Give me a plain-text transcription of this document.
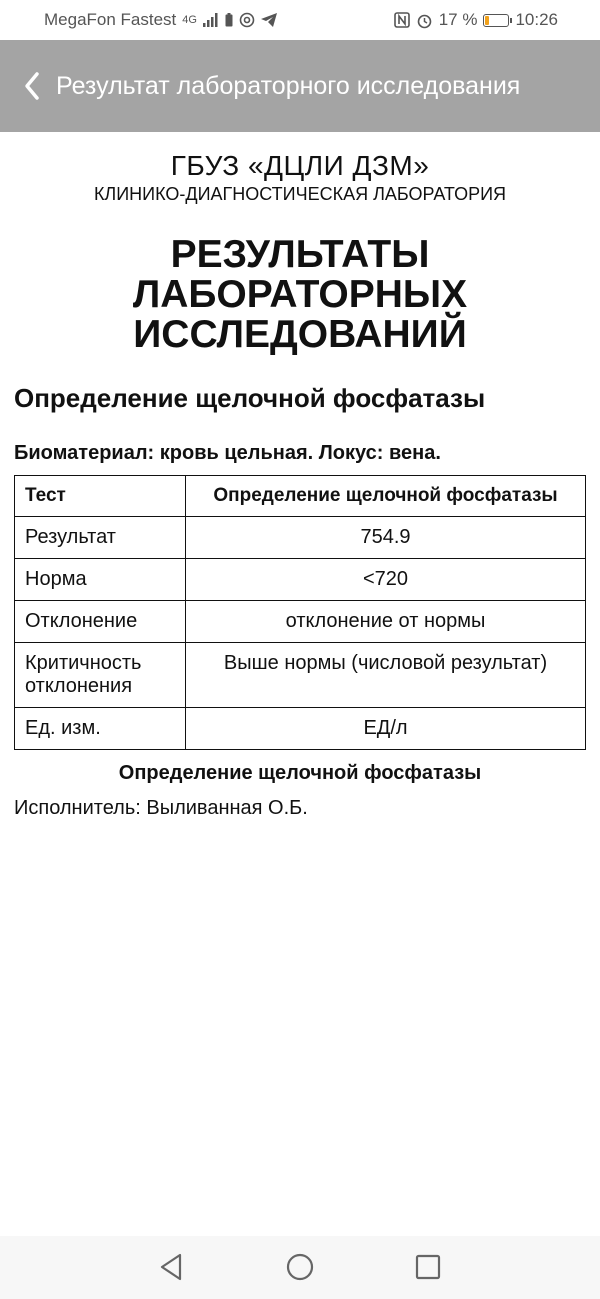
MegaFon Fastest 4G	17 % 10:26
Результат лабораторного исследования
ГБУЗ «ДЦЛИ ДЗМ»
КЛИНИКО-ДИАГНОСТИЧЕСКАЯ ЛАБОРАТОРИЯ
РЕЗУЛЬТАТЫ ЛАБОРАТОРНЫХ ИССЛЕДОВАНИЙ
Определение щелочной фосфатазы
Биоматериал: кровь цельная. Локус: вена.
Тест	Определение щелочной фосфатазы
Результат	754.9
Норма	<720
Отклонение	отклонение от нормы
Критичность отклонения	Выше нормы (числовой результат)
Ед. изм.	ЕД/л
Определение щелочной фосфатазы
Исполнитель: Выливанная О.Б.
